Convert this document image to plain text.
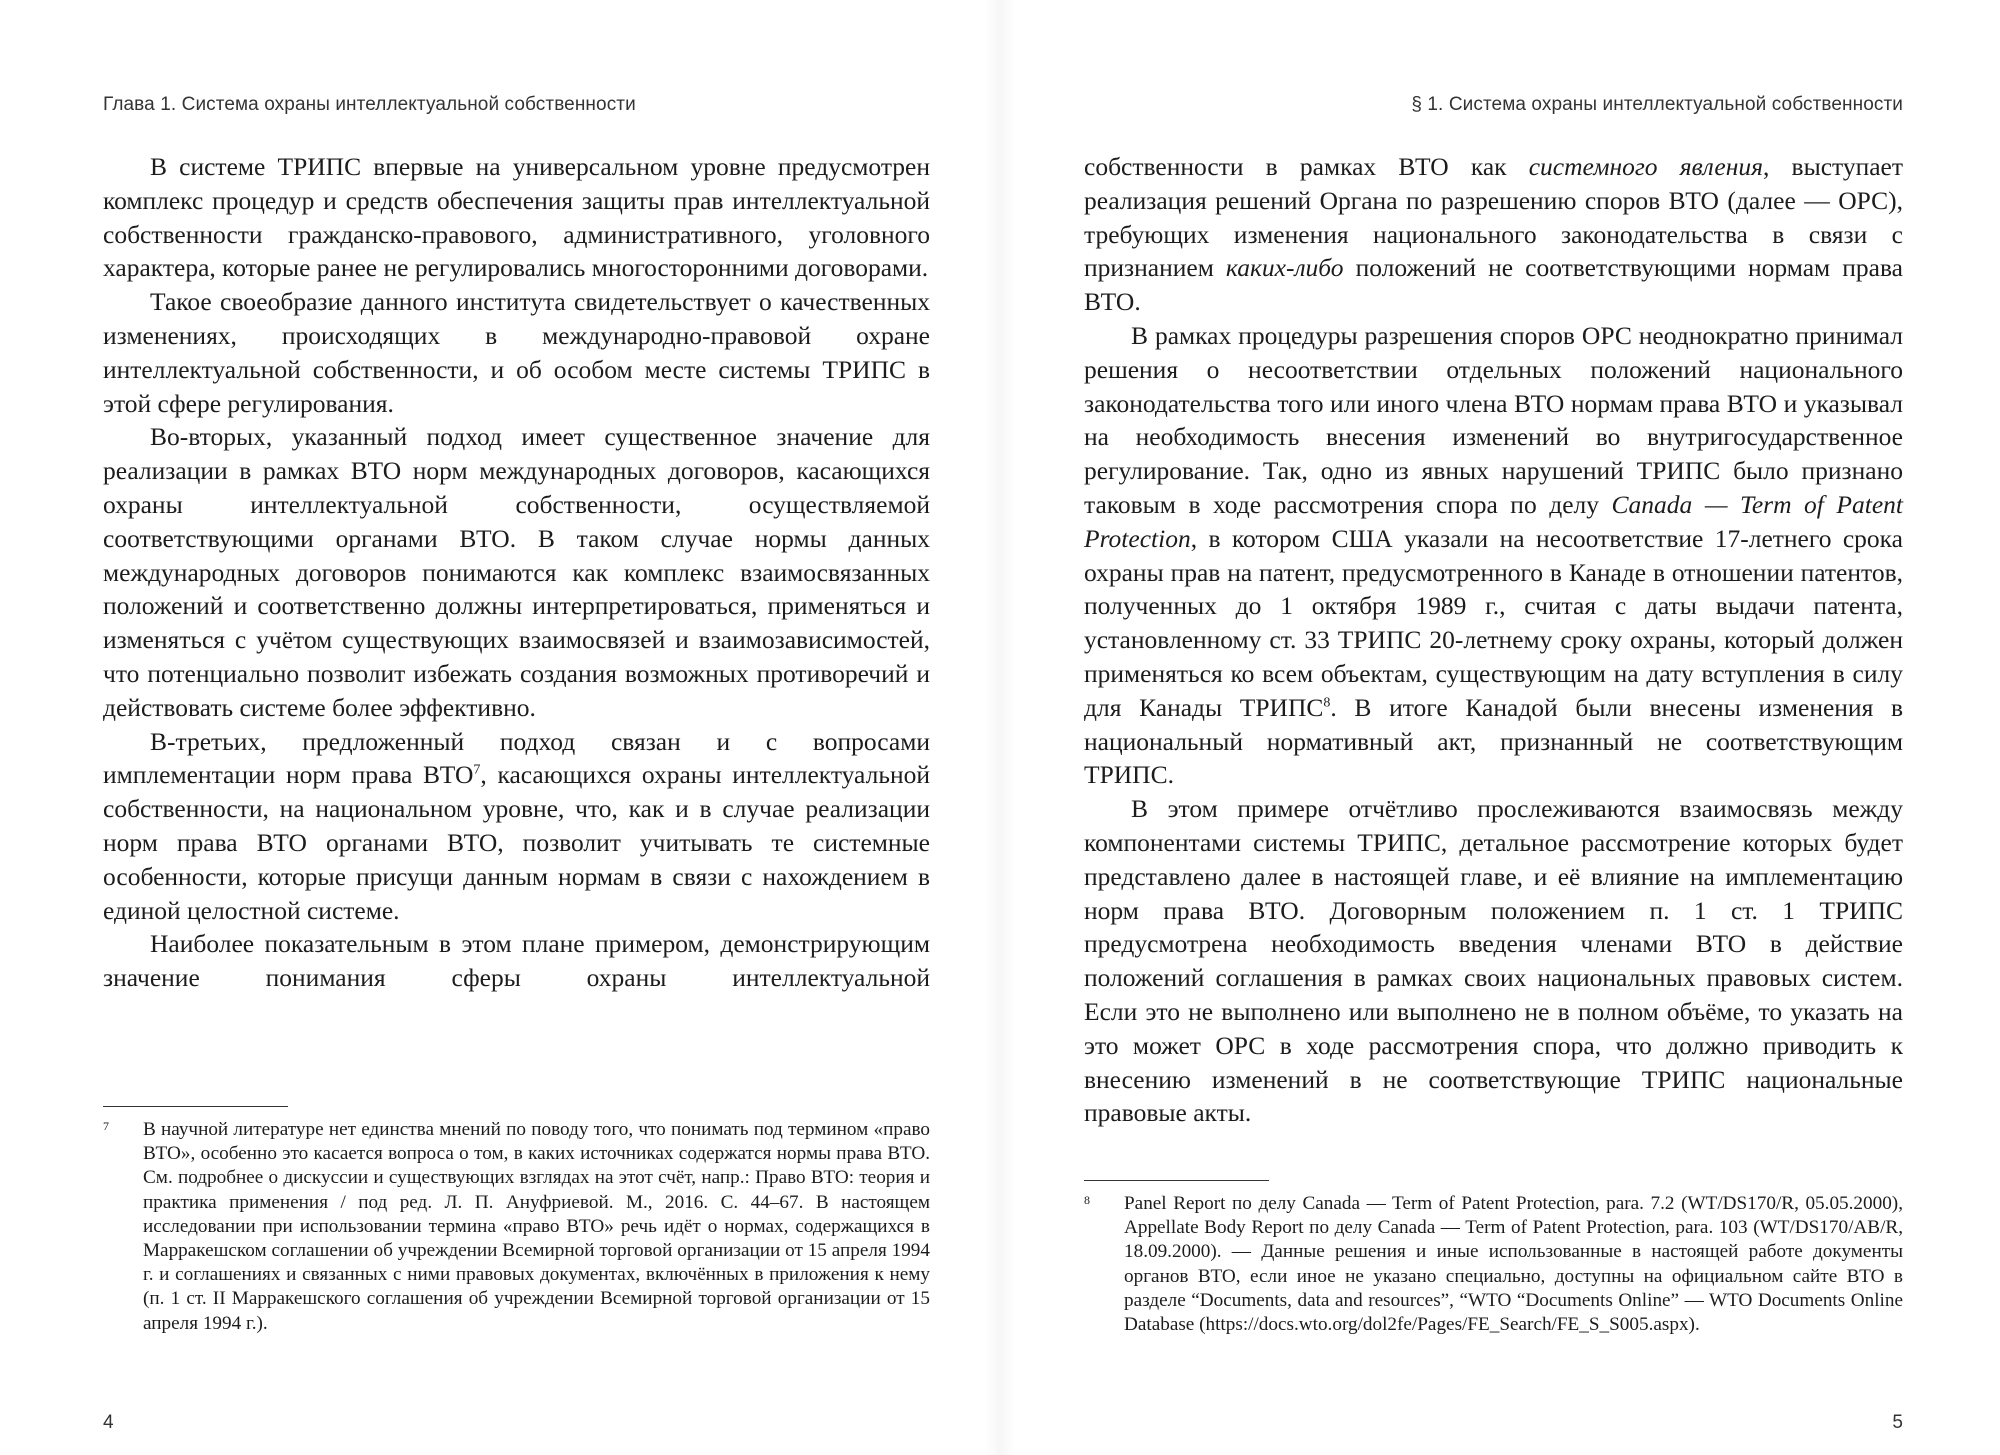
Глава 1. Система охраны интеллектуальной собственности

В системе ТРИПС впервые на универсальном уровне предусмотрен комплекс процедур и средств обеспечения защиты прав интеллектуальной собственности гражданско-правового, административного, уголовного характера, которые ранее не регулировались многосторонними договорами.

Такое своеобразие данного института свидетельствует о качественных изменениях, происходящих в международно-правовой охране интеллектуальной собственности, и об особом месте системы ТРИПС в этой сфере регулирования.

Во-вторых, указанный подход имеет существенное значение для реализации в рамках ВТО норм международных договоров, касающихся охраны интеллектуальной собственности, осуществляемой соответствующими органами ВТО. В таком случае нормы данных международных договоров понимаются как комплекс взаимосвязанных положений и соответственно должны интерпретироваться, применяться и изменяться с учётом существующих взаимосвязей и взаимозависимостей, что потенциально позволит избежать создания возможных противоречий и действовать системе более эффективно.

В-третьих, предложенный подход связан и с вопросами имплементации норм права ВТО$^7$, касающихся охраны интеллектуальной собственности, на национальном уровне, что, как и в случае реализации норм права ВТО органами ВТО, позволит учитывать те системные особенности, которые присущи данным нормам в связи с нахождением в единой целостной системе.

Наиболее показательным в этом плане примером, демонстрирующим значение понимания сферы охраны интеллектуальной

7 В научной литературе нет единства мнений по поводу того, что понимать под термином «право ВТО», особенно это касается вопроса о том, в каких источниках содержатся нормы права ВТО. См. подробнее о дискуссии и существующих взглядах на этот счёт, напр.: Право ВТО: теория и практика применения / под ред. Л. П. Ануфриевой. М., 2016. С. 44–67. В настоящем исследовании при использовании термина «право ВТО» речь идёт о нормах, содержащихся в Марракешском соглашении об учреждении Всемирной торговой организации от 15 апреля 1994 г. и соглашениях и связанных с ними правовых документах, включённых в приложения к нему (п. 1 ст. II Марракешского соглашения об учреждении Всемирной торговой организации от 15 апреля 1994 г.).
4
§ 1. Система охраны интеллектуальной собственности

собственности в рамках ВТО как системного явления, выступает реализация решений Органа по разрешению споров ВТО (далее — ОРС), требующих изменения национального законодательства в связи с признанием каких-либо положений не соответствующими нормам права ВТО.

В рамках процедуры разрешения споров ОРС неоднократно принимал решения о несоответствии отдельных положений национального законодательства того или иного члена ВТО нормам права ВТО и указывал на необходимость внесения изменений во внутригосударственное регулирование. Так, одно из явных нарушений ТРИПС было признано таковым в ходе рассмотрения спора по делу Canada — Term of Patent Protection, в котором США указали на несоответствие 17-летнего срока охраны прав на патент, предусмотренного в Канаде в отношении патентов, полученных до 1 октября 1989 г., считая с даты выдачи патента, установленному ст. 33 ТРИПС 20-летнему сроку охраны, который должен применяться ко всем объектам, существующим на дату вступления в силу для Канады ТРИПС$^8$. В итоге Канадой были внесены изменения в национальный нормативный акт, признанный не соответствующим ТРИПС.

В этом примере отчётливо прослеживаются взаимосвязь между компонентами системы ТРИПС, детальное рассмотрение которых будет представлено далее в настоящей главе, и её влияние на имплементацию норм права ВТО. Договорным положением п. 1 ст. 1 ТРИПС предусмотрена необходимость введения членами ВТО в действие положений соглашения в рамках своих национальных правовых систем. Если это не выполнено или выполнено не в полном объёме, то указать на это может ОРС в ходе рассмотрения спора, что должно приводить к внесению изменений в не соответствующие ТРИПС национальные правовые акты.

8 Panel Report по делу Canada — Term of Patent Protection, para. 7.2 (WT/DS170/R, 05.05.2000), Appellate Body Report по делу Canada — Term of Patent Protection, para. 103 (WT/DS170/AB/R, 18.09.2000). — Данные решения и иные использованные в настоящей работе документы органов ВТО, если иное не указано специально, доступны на официальном сайте ВТО в разделе “Documents, data and resources”, “WTO “Documents Online” — WTO Documents Online Database (https://docs.wto.org/dol2fe/Pages/FE_Search/FE_S_S005.aspx).
5
